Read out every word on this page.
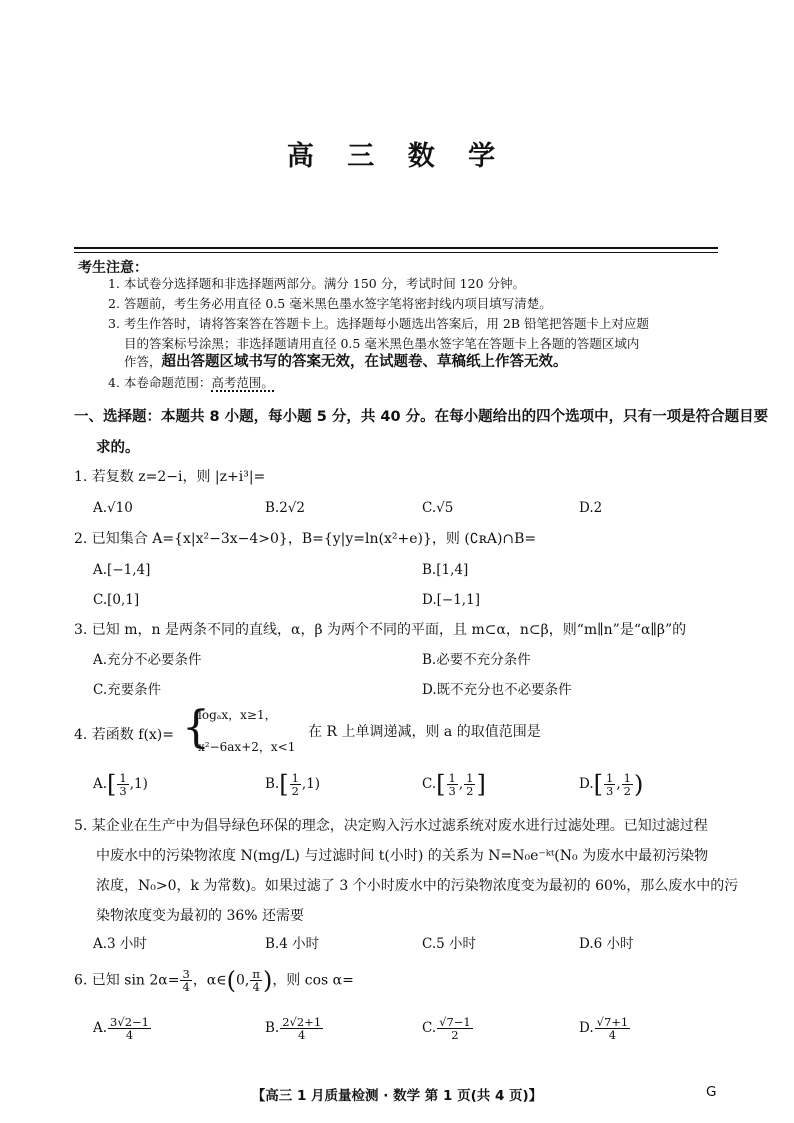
高 三 数 学
考生注意：
1. 本试卷分选择题和非选择题两部分。满分 150 分，考试时间 120 分钟。
2. 答题前，考生务必用直径 0.5 毫米黑色墨水签字笔将密封线内项目填写清楚。
3. 考生作答时，请将答案答在答题卡上。选择题每小题选出答案后，用 2B 铅笔把答题卡上对应题
目的答案标号涂黑；非选择题请用直径 0.5 毫米黑色墨水签字笔在答题卡上各题的答题区域内
作答，超出答题区域书写的答案无效，在试题卷、草稿纸上作答无效。
4. 本卷命题范围：高考范围。
一、选择题：本题共 8 小题，每小题 5 分，共 40 分。在每小题给出的四个选项中，只有一项是符合题目要
求的。
1. 若复数 z=2−i，则 |z+i³|=
A.√10	B.2√2	C.√5	D.2
2. 已知集合 A={x|x²−3x−4>0}，B={y|y=ln(x²+e)}，则 (∁ʀA)∩B=
A.[−1,4]	B.[1,4]
C.[0,1]	D.[−1,1]
3. 已知 m，n 是两条不同的直线，α，β 为两个不同的平面，且 m⊂α，n⊂β，则“m∥n”是“α∥β”的
A.充分不必要条件	B.必要不充分条件
C.充要条件	D.既不充分也不必要条件
4. 若函数 f(x)= {
logₐx，x≥1，
x²−6ax+2，x<1
在 R 上单调递减，则 a 的取值范围是
$A.[ \frac{1}{3} ,1)$	$B.[ \frac{1}{2} ,1)$	$C.[ \frac{1}{3}$ , $\frac{1}{2}$ ]	$D.[ \frac{1}{3}$ , $\frac{1}{2}$ )
5. 某企业在生产中为倡导绿色环保的理念，决定购入污水过滤系统对废水进行过滤处理。已知过滤过程
中废水中的污染物浓度 N(mg/L) 与过滤时间 t(小时) 的关系为 N=N₀e⁻ᵏᵗ(N₀ 为废水中最初污染物
浓度，N₀>0，k 为常数)。如果过滤了 3 个小时废水中的污染物浓度变为最初的 60%，那么废水中的污
染物浓度变为最初的 36% 还需要
A.3 小时	B.4 小时	C.5 小时	D.6 小时
6. 已知 $\sin 2\alpha= \frac{3}{4}$ ，α∈(0, $\frac{\pi}{4}$ )，则 cos α=
A. $\frac{3√2-1}{4}$	B. $\frac{2√2+1}{4}$	C. $\frac{√7-1}{2}$	D. $\frac{√7+1}{4}$
【高三 1 月质量检测 · 数学 第 1 页(共 4 页)】	G
